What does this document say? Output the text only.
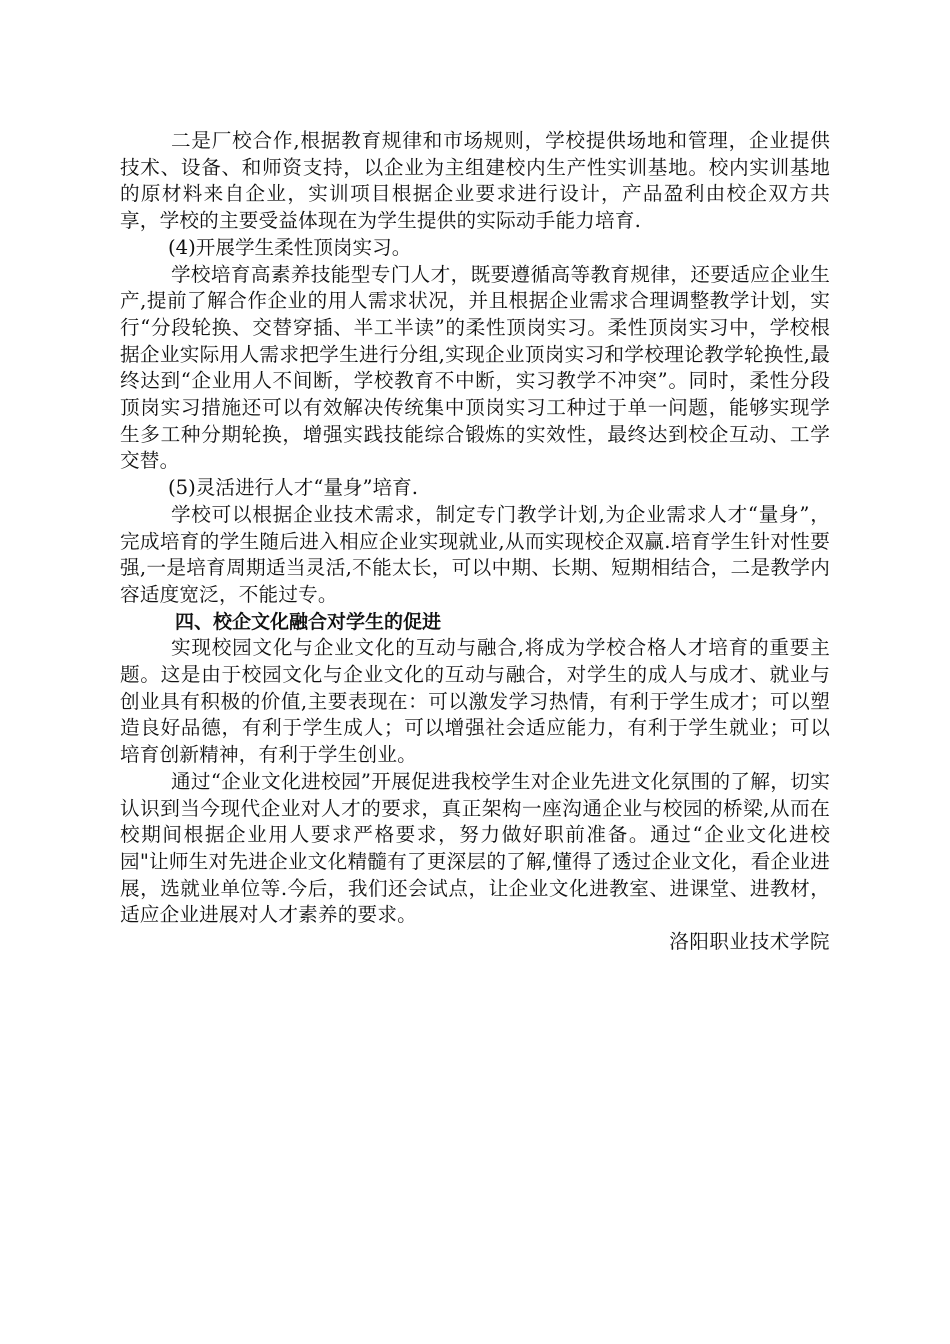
二是厂校合作,根据教育规律和市场规则，学校提供场地和管理，企业提供技术、设备、和师资支持，以企业为主组建校内生产性实训基地。校内实训基地的原材料来自企业，实训项目根据企业要求进行设计，产品盈利由校企双方共享，学校的主要受益体现在为学生提供的实际动手能力培育.

(4)开展学生柔性顶岗实习。

学校培育高素养技能型专门人才，既要遵循高等教育规律，还要适应企业生产,提前了解合作企业的用人需求状况，并且根据企业需求合理调整教学计划，实行“分段轮换、交替穿插、半工半读”的柔性顶岗实习。柔性顶岗实习中，学校根据企业实际用人需求把学生进行分组,实现企业顶岗实习和学校理论教学轮换性,最终达到“企业用人不间断，学校教育不中断，实习教学不冲突”。同时，柔性分段顶岗实习措施还可以有效解决传统集中顶岗实习工种过于单一问题，能够实现学生多工种分期轮换，增强实践技能综合锻炼的实效性，最终达到校企互动、工学交替。

(5)灵活进行人才“量身”培育.

学校可以根据企业技术需求，制定专门教学计划,为企业需求人才“量身”，完成培育的学生随后进入相应企业实现就业,从而实现校企双赢.培育学生针对性要强,一是培育周期适当灵活,不能太长，可以中期、长期、短期相结合，二是教学内容适度宽泛，不能过专。

四、校企文化融合对学生的促进

实现校园文化与企业文化的互动与融合,将成为学校合格人才培育的重要主题。这是由于校园文化与企业文化的互动与融合，对学生的成人与成才、就业与创业具有积极的价值,主要表现在：可以激发学习热情，有利于学生成才；可以塑造良好品德，有利于学生成人；可以增强社会适应能力，有利于学生就业；可以培育创新精神，有利于学生创业。

通过“企业文化进校园”开展促进我校学生对企业先进文化氛围的了解，切实认识到当今现代企业对人才的要求，真正架构一座沟通企业与校园的桥梁,从而在校期间根据企业用人要求严格要求，努力做好职前准备。通过“企业文化进校园"让师生对先进企业文化精髓有了更深层的了解,懂得了透过企业文化，看企业进展，选就业单位等.今后，我们还会试点，让企业文化进教室、进课堂、进教材，适应企业进展对人才素养的要求。

洛阳职业技术学院
